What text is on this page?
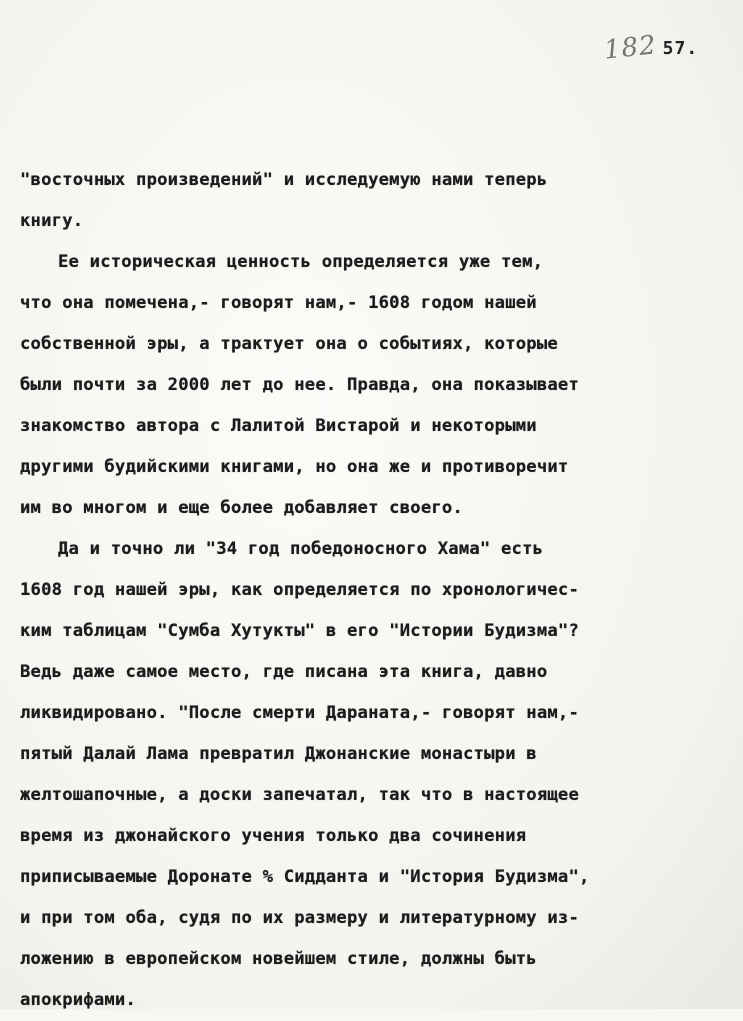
182 57.
"восточных произведений" и исследуемую нами теперь
книгу.
Ее историческая ценность определяется уже тем,
что она помечена,- говорят нам,- 1608 годом нашей
собственной эры, а трактует она о событиях, которые
были почти за 2000 лет до нее. Правда, она показывает
знакомство автора с Лалитой Вистарой и некоторыми
другими будийскими книгами, но она же и противоречит
им во многом и еще более добавляет своего.
Да и точно ли "34 год победоносного Хама" есть
1608 год нашей эры, как определяется по хронологичес-
ким таблицам "Сумба Хутукты" в его "Истории Будизма"?
Ведь даже самое место, где писана эта книга, давно
ликвидировано. "После смерти Дараната,- говорят нам,-
пятый Далай Лама превратил Джонанские монастыри в
желтошапочные, а доски запечатал, так что в настоящее
время из джонайского учения только два сочинения
приписываемые Доронате % Сидданта и "История Будизма",
и при том оба, судя по их размеру и литературному из-
ложению в европейском новейшем стиле, должны быть
апокрифами.
